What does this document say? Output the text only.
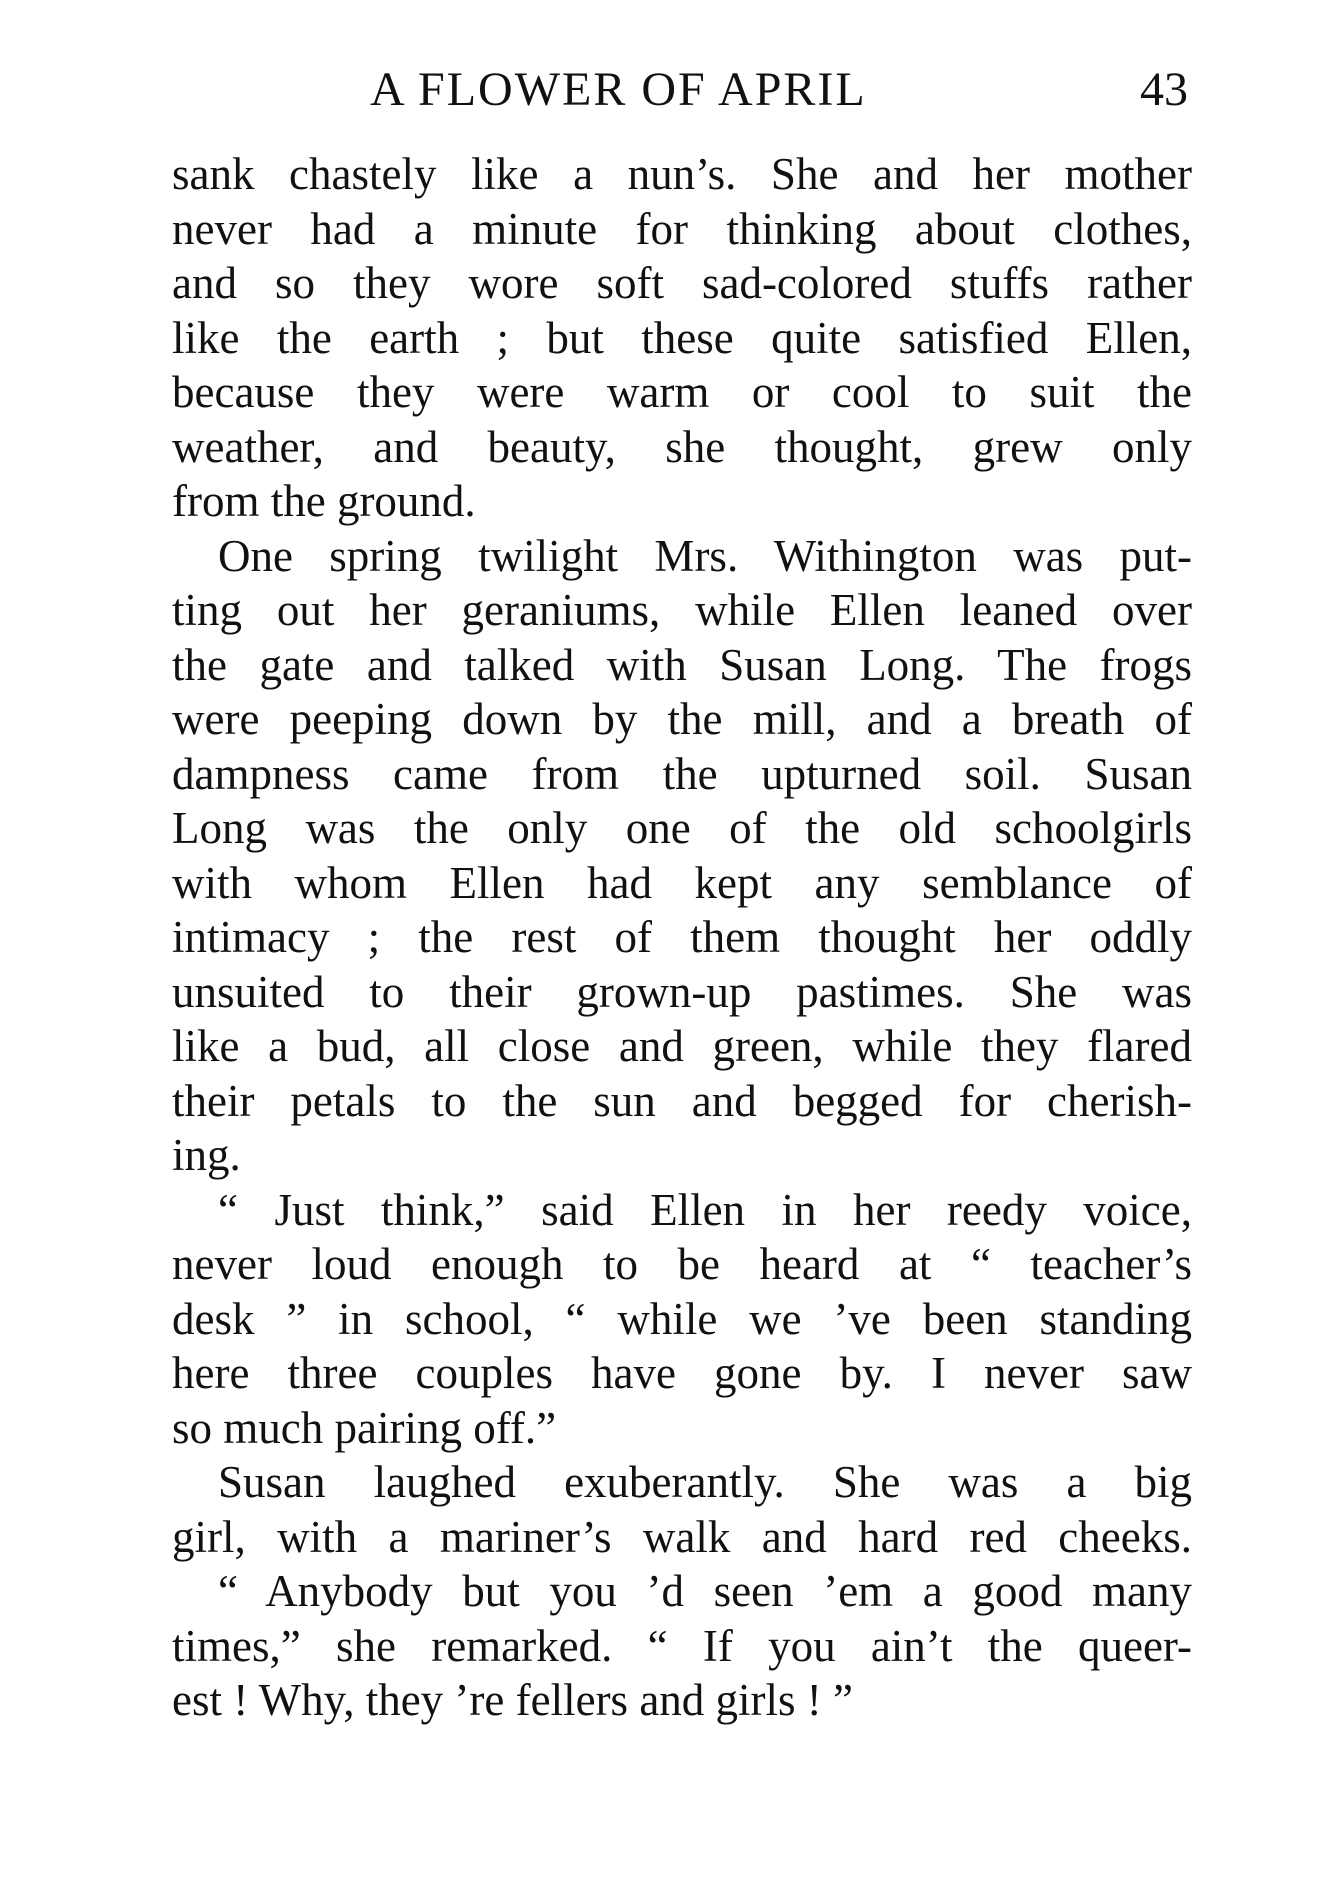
A FLOWER OF APRIL	43
sank chastely like a nun’s. She and her mother
never had a minute for thinking about clothes,
and so they wore soft sad-colored stuffs rather
like the earth ; but these quite satisfied Ellen,
because they were warm or cool to suit the
weather, and beauty, she thought, grew only
from the ground.
One spring twilight Mrs. Withington was put-
ting out her geraniums, while Ellen leaned over
the gate and talked with Susan Long. The frogs
were peeping down by the mill, and a breath of
dampness came from the upturned soil. Susan
Long was the only one of the old schoolgirls
with whom Ellen had kept any semblance of
intimacy ; the rest of them thought her oddly
unsuited to their grown-up pastimes. She was
like a bud, all close and green, while they flared
their petals to the sun and begged for cherish-
ing.
“ Just think,” said Ellen in her reedy voice,
never loud enough to be heard at “ teacher’s
desk ” in school, “ while we ’ve been standing
here three couples have gone by. I never saw
so much pairing off.”
Susan laughed exuberantly. She was a big
girl, with a mariner’s walk and hard red cheeks.
“ Anybody but you ’d seen ’em a good many
times,” she remarked. “ If you ain’t the queer-
est ! Why, they ’re fellers and girls ! ”
